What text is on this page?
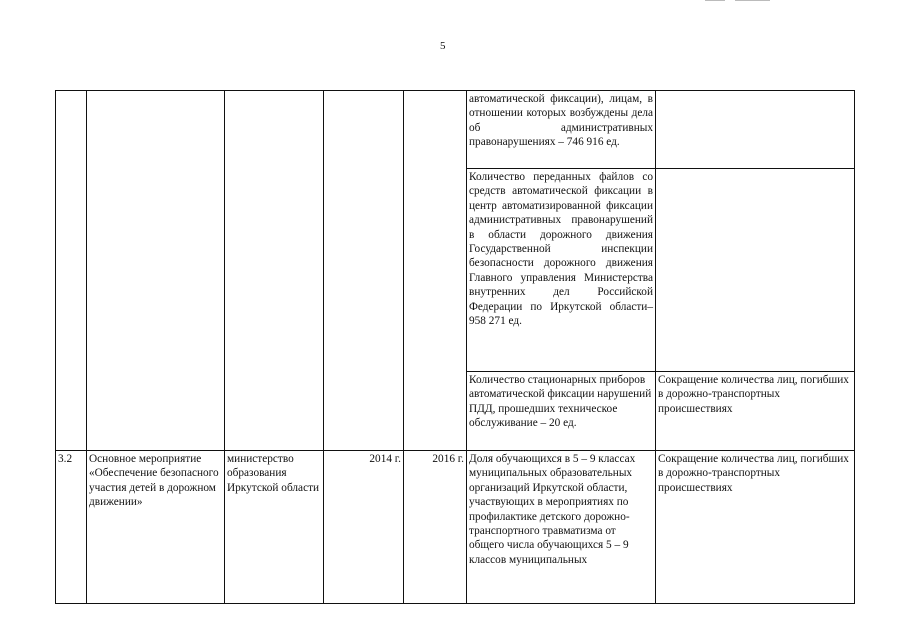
5
					автоматической фиксации), лицам, в отношении которых возбуждены дела об административных правонарушениях – 746 916 ед.	
					Количество переданных файлов со средств автоматической фиксации в центр автоматизированной фиксации административных правонарушений в области дорожного движения Государственной инспекции безопасности дорожного движения Главного управления Министерства внутренних дел Российской Федерации по Иркутской области– 958 271 ед.	
					Количество стационарных приборов автоматической фиксации нарушений ПДД, прошедших техническое обслуживание – 20 ед.	Сокращение количества лиц, погибших в дорожно-транспортных происшествиях
3.2	Основное мероприятие «Обеспечение безопасного участия детей в дорожном движении»	министерство образования Иркутской области	2014 г.	2016 г.	Доля обучающихся в 5 – 9 классах муниципальных образовательных организаций Иркутской области, участвующих в мероприятиях по профилактике детского дорожно-транспортного травматизма от общего числа обучающихся 5 – 9 классов муниципальных	Сокращение количества лиц, погибших в дорожно-транспортных происшествиях
